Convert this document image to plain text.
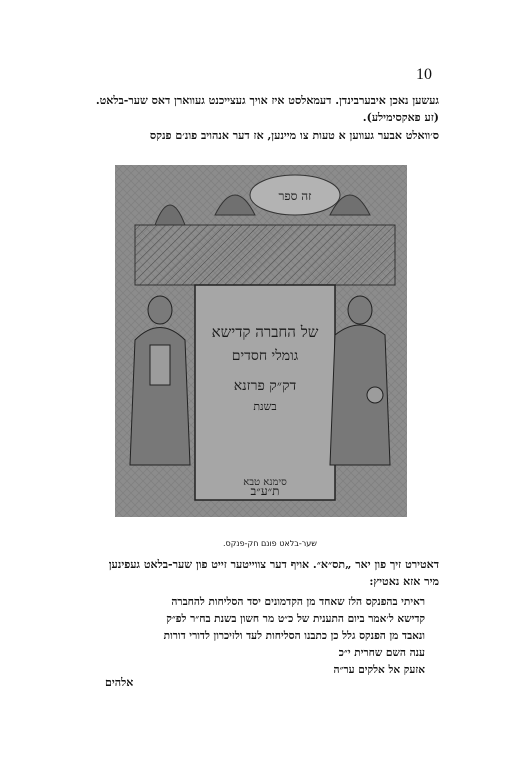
10
געשען נאכן איבערבינדן. דעמאלסט איז אויך געצייכנט געווארן דאס שער-בלאט.
(זע פאקסימילע).
ס׳וואלט אבער געווען א טעות צו מיינען, אז דער אנהויב פונ׳ם פנקס
זה ספר
של החברה קדישא
גומלי חסדים
דק״ק פרזנא
בשנת
ת״ע״ב
סימנא טבא
שער-בלאט פונם חק-פנקס.
דאטירט זיך פון יאר „תס״א״. אויף דער צווייטער זייט פון שער-בלאט געפינען
מיר אזא נאטיץ:
ראיתי בהפנקס הלז שאחד מן הקדמונים יסד הסליחות להחברה
קדישא ל׳אמר ביום התענית של כ״ט מר חשון בשנת בח״ר לפ״ק
ונאבד מן הפנקס גלל כן כתבנו הסליחות לעד ולזיכרון לדורי דורות
ענה השם שחרית י״כ
אזעק אל אלקים ער״ה
אלהים
